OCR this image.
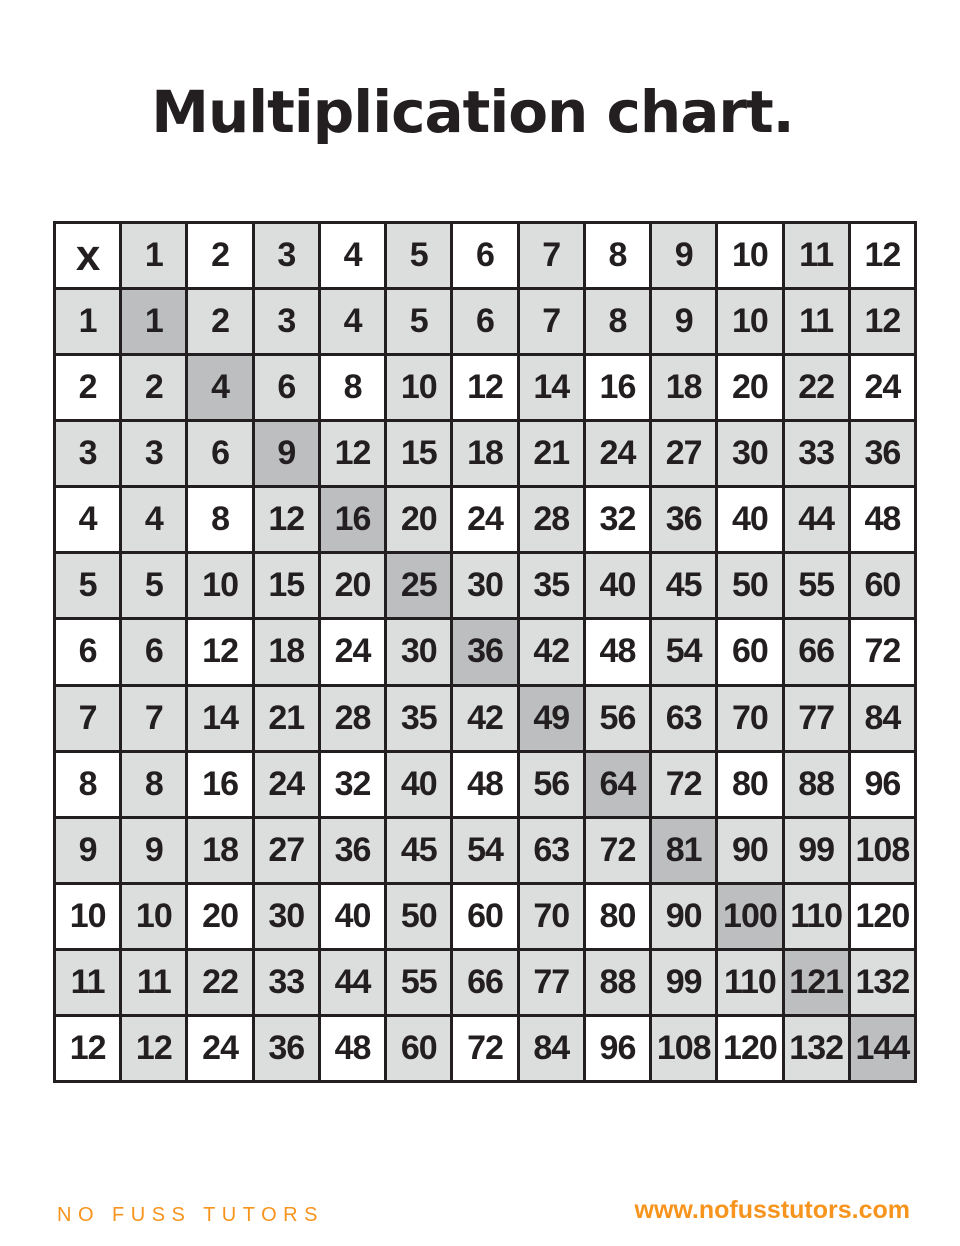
Multiplication chart.
x	1	2	3	4	5	6	7	8	9	10 11 12
1	1	2	3	4	5	6	7	8	9	10 11 12
2	2	4	6	8	10 12 14 16 18 20 22 24
3	3	6	9	12 15 18 21 24 27 30 33 36
4	4	8	12 16 20 24 28 32 36 40 44 48
5	5	10 15 20 25 30 35 40 45 50 55 60
6	6	12 18 24 30 36 42 48 54 60 66 72
7	7	14 21 28 35 42 49 56 63 70 77 84
8	8	16 24 32 40 48 56 64 72 80 88 96
9	9	18 27 36 45 54 63 72 81 90 99 108
10 10 20 30 40 50 60 70 80 90 100 110 120
11 11 22 33 44 55 66 77 88 99 110 121 132
12 12 24 36 48 60 72 84 96 108 120 132 144
NO FUSS TUTORS	www.nofusstutors.com
